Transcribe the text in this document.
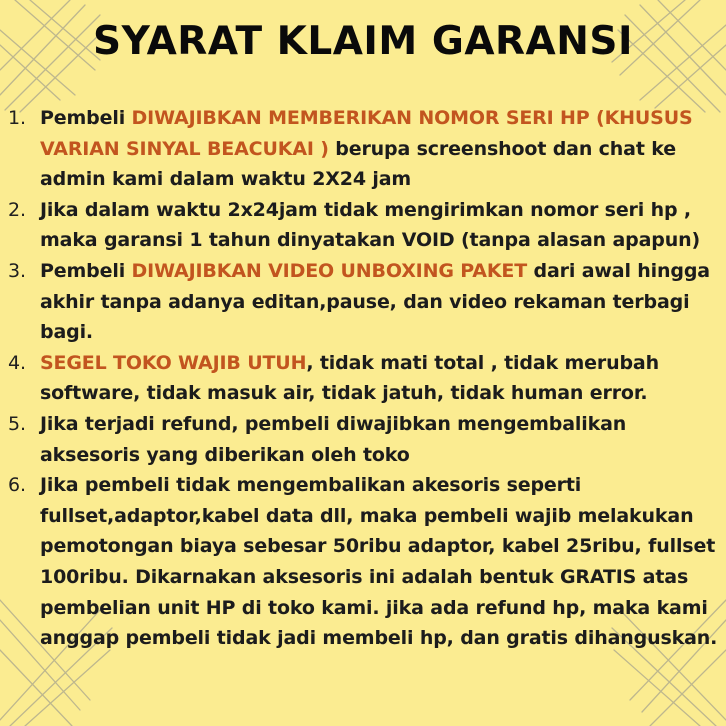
SYARAT KLAIM GARANSI
1. Pembeli DIWAJIBKAN MEMBERIKAN NOMOR SERI HP (KHUSUS VARIAN SINYAL BEACUKAI ) berupa screenshoot dan chat ke admin kami dalam waktu 2X24 jam
2. Jika dalam waktu 2x24jam tidak mengirimkan nomor seri hp , maka garansi 1 tahun dinyatakan VOID (tanpa alasan apapun)
3. Pembeli DIWAJIBKAN VIDEO UNBOXING PAKET dari awal hingga akhir tanpa adanya editan,pause, dan video rekaman terbagi bagi.
4. SEGEL TOKO WAJIB UTUH, tidak mati total , tidak merubah software, tidak masuk air, tidak jatuh, tidak human error.
5. Jika terjadi refund, pembeli diwajibkan mengembalikan aksesoris yang diberikan oleh toko
6. Jika pembeli tidak mengembalikan akesoris seperti fullset,adaptor,kabel data dll, maka pembeli wajib melakukan pemotongan biaya sebesar 50ribu adaptor, kabel 25ribu, fullset 100ribu. Dikarnakan aksesoris ini adalah bentuk GRATIS atas pembelian unit HP di toko kami. jika ada refund hp, maka kami anggap pembeli tidak jadi membeli hp, dan gratis dihanguskan.
